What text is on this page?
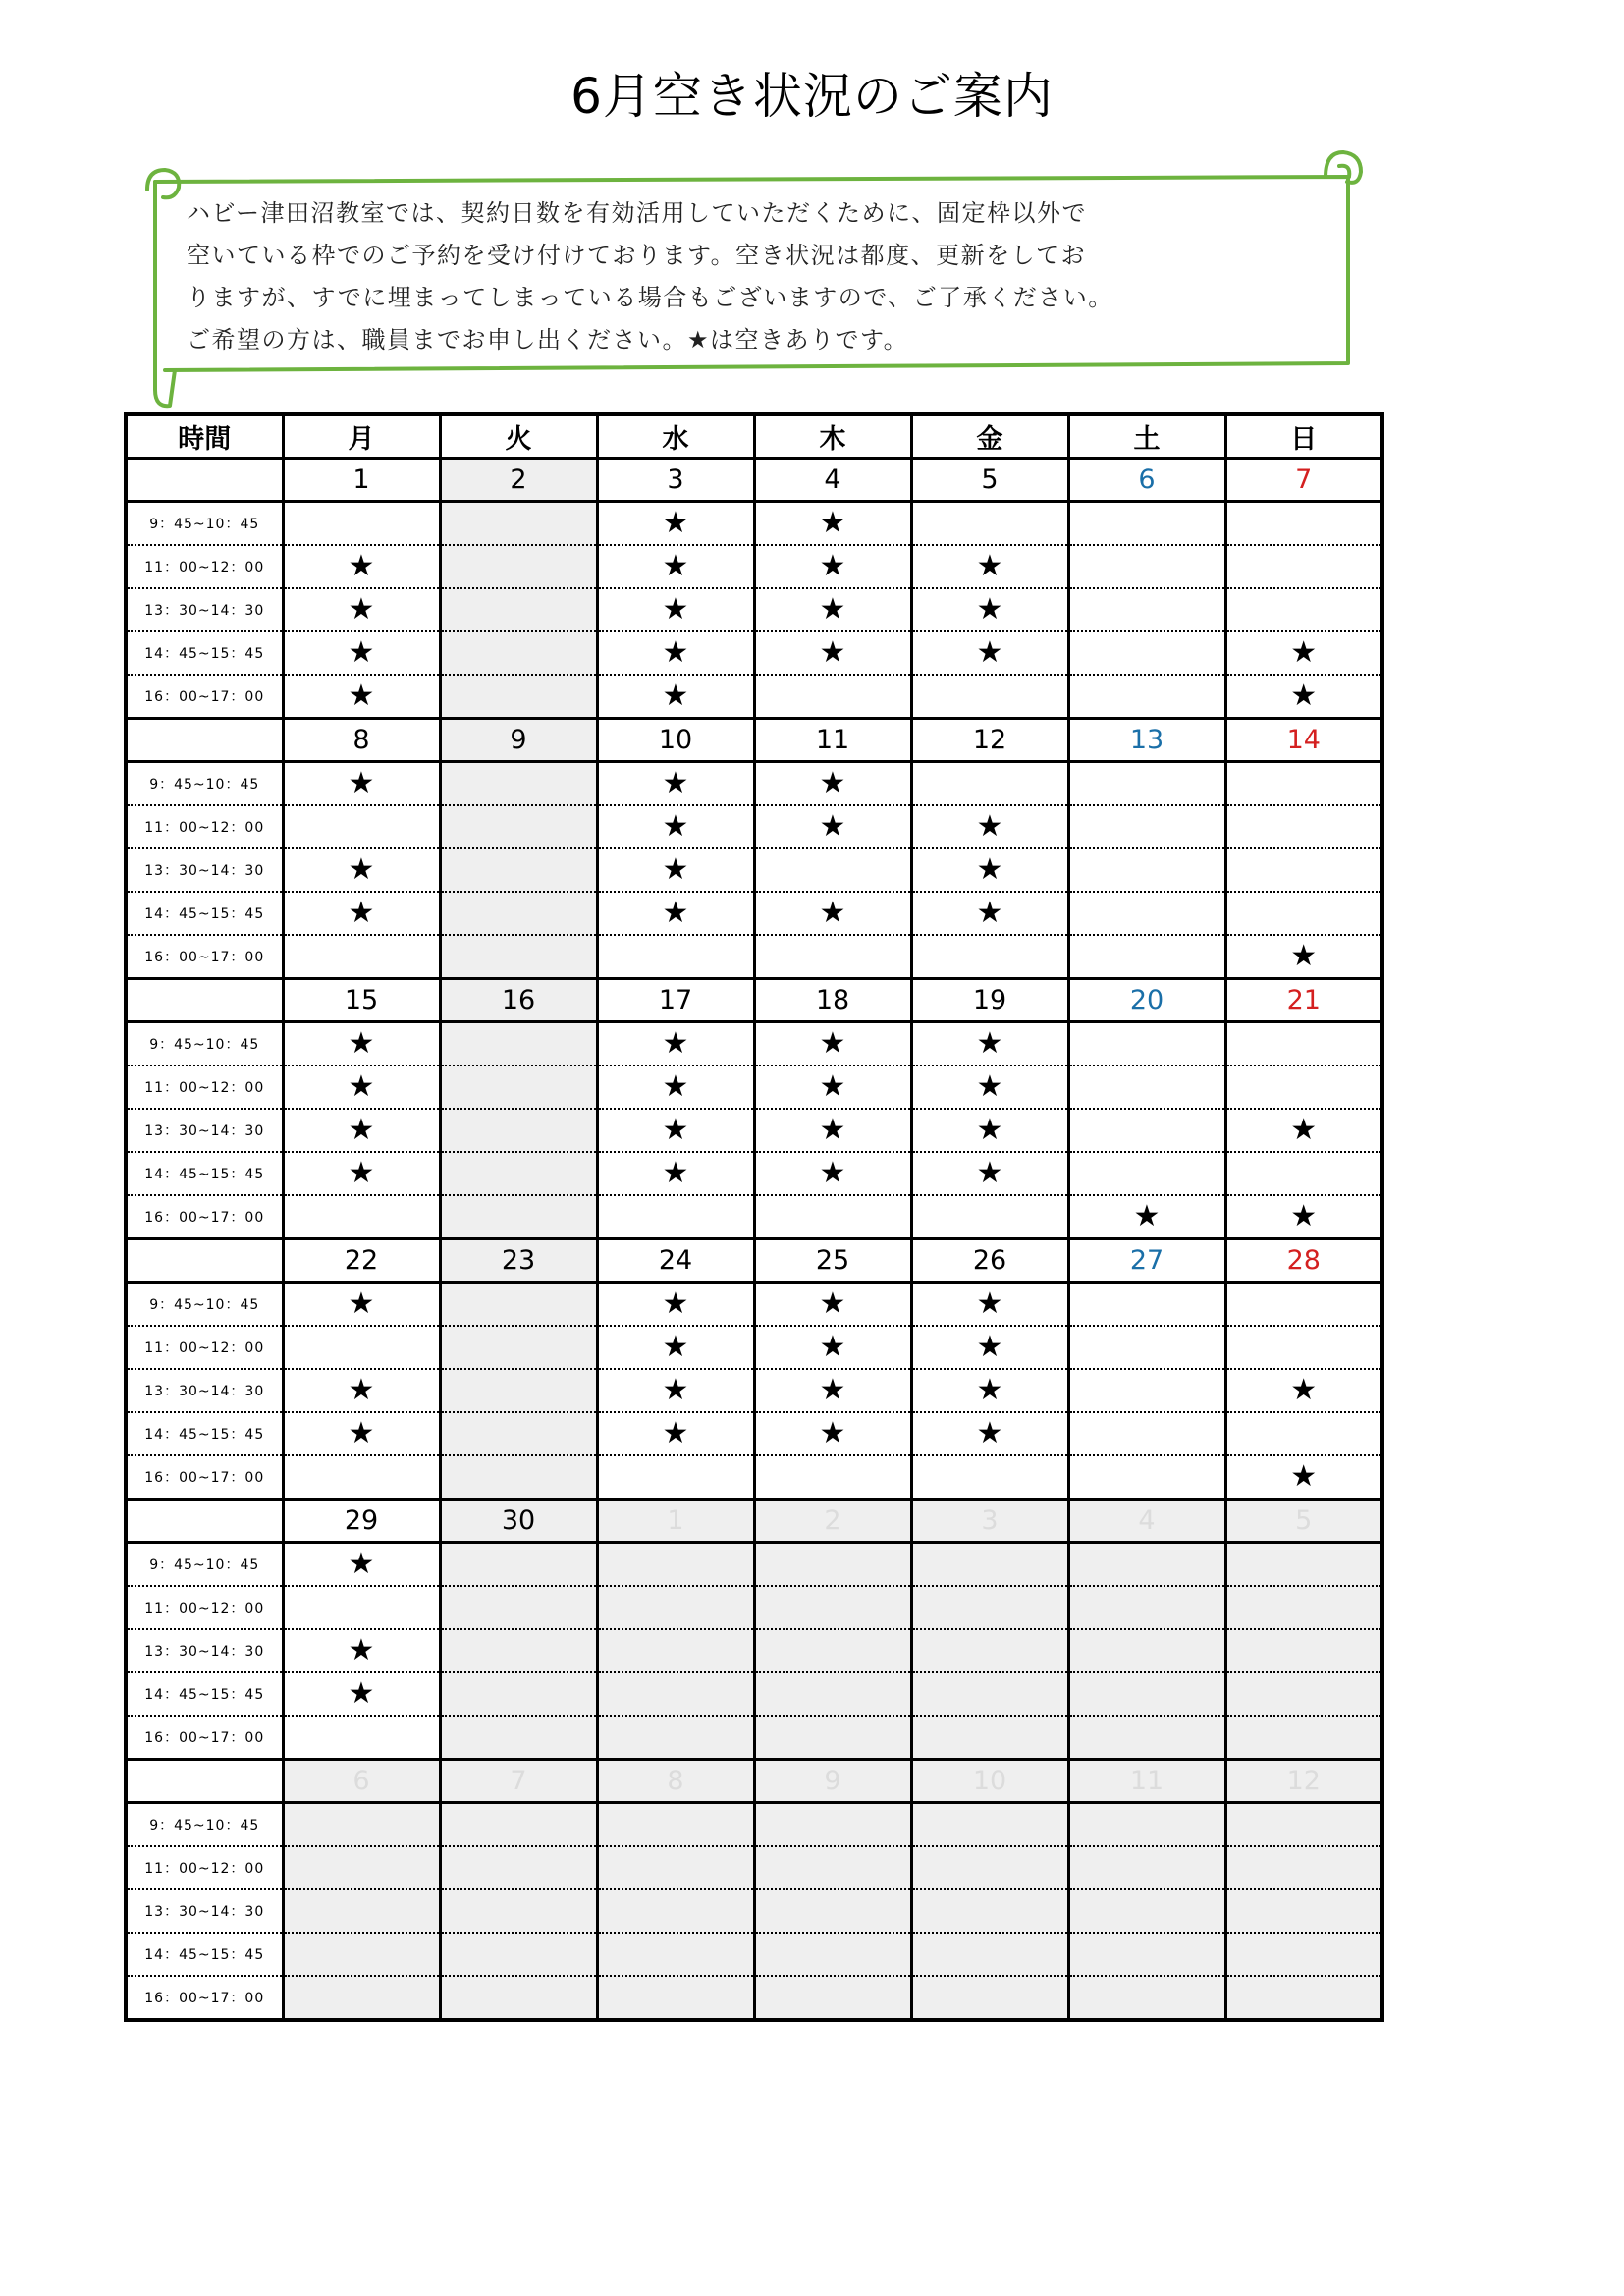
6月空き状況のご案内
ハビー津田沼教室では、契約日数を有効活用していただくために、固定枠以外で
空いている枠でのご予約を受け付けております。空き状況は都度、更新をしてお
りますが、すでに埋まってしまっている場合もございますので、ご了承ください。
ご希望の方は、職員までお申し出ください。★は空きありです。
時間	月	火	水	木	金	土	日
	1	2	3	4	5	6	7
9：45~10：45			★	★			
11：00~12：00	★		★	★	★		
13：30~14：30	★		★	★	★		
14：45~15：45	★		★	★	★		★
16：00~17：00	★		★				★
	8	9	10	11	12	13	14
9：45~10：45	★		★	★			
11：00~12：00			★	★	★		
13：30~14：30	★		★		★		
14：45~15：45	★		★	★	★		
16：00~17：00							★
	15	16	17	18	19	20	21
9：45~10：45	★		★	★	★		
11：00~12：00	★		★	★	★		
13：30~14：30	★		★	★	★		★
14：45~15：45	★		★	★	★		
16：00~17：00						★	★
	22	23	24	25	26	27	28
9：45~10：45	★		★	★	★		
11：00~12：00			★	★	★		
13：30~14：30	★		★	★	★		★
14：45~15：45	★		★	★	★		
16：00~17：00							★
	29	30	1	2	3	4	5
9：45~10：45	★						
11：00~12：00							
13：30~14：30	★						
14：45~15：45	★						
16：00~17：00							
	6	7	8	9	10	11	12
9：45~10：45							
11：00~12：00							
13：30~14：30							
14：45~15：45							
16：00~17：00							
